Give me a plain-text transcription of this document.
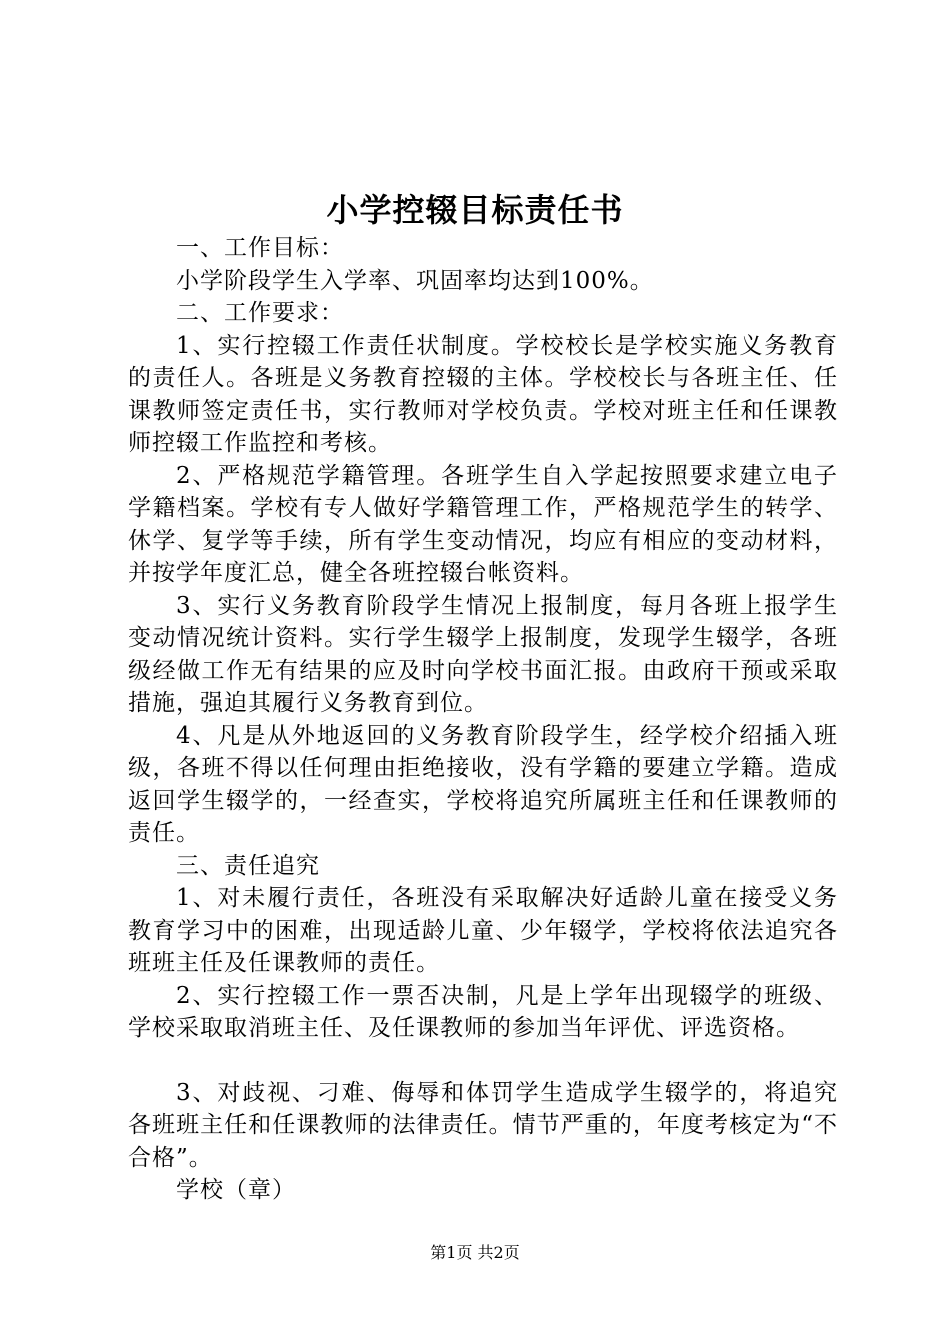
小学控辍目标责任书

一、工作目标：

小学阶段学生入学率、巩固率均达到100%。

二、工作要求：

1、实行控辍工作责任状制度。学校校长是学校实施义务教育的责任人。各班是义务教育控辍的主体。学校校长与各班主任、任课教师签定责任书，实行教师对学校负责。学校对班主任和任课教师控辍工作监控和考核。

2、严格规范学籍管理。各班学生自入学起按照要求建立电子学籍档案。学校有专人做好学籍管理工作，严格规范学生的转学、休学、复学等手续，所有学生变动情况，均应有相应的变动材料，并按学年度汇总，健全各班控辍台帐资料。

3、实行义务教育阶段学生情况上报制度，每月各班上报学生变动情况统计资料。实行学生辍学上报制度，发现学生辍学，各班级经做工作无有结果的应及时向学校书面汇报。由政府干预或采取措施，强迫其履行义务教育到位。

4、凡是从外地返回的义务教育阶段学生，经学校介绍插入班级，各班不得以任何理由拒绝接收，没有学籍的要建立学籍。造成返回学生辍学的，一经查实，学校将追究所属班主任和任课教师的责任。

三、责任追究

1、对未履行责任，各班没有采取解决好适龄儿童在接受义务教育学习中的困难，出现适龄儿童、少年辍学，学校将依法追究各班班主任及任课教师的责任。

2、实行控辍工作一票否决制，凡是上学年出现辍学的班级、学校采取取消班主任、及任课教师的参加当年评优、评选资格。

3、对歧视、刁难、侮辱和体罚学生造成学生辍学的，将追究各班班主任和任课教师的法律责任。情节严重的，年度考核定为“不合格”。

学校（章）

第1页 共2页
